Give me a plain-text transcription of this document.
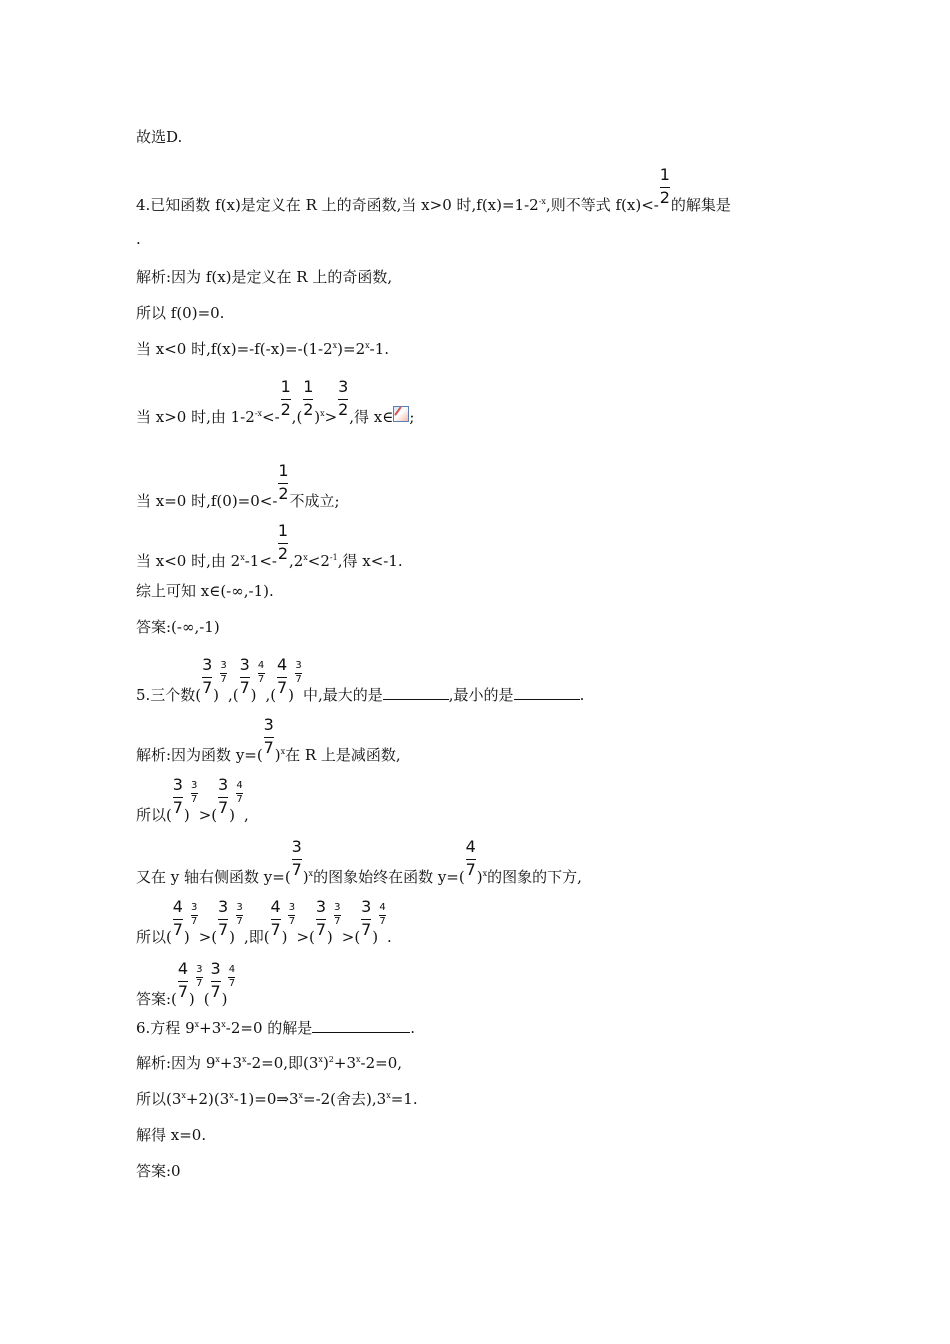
故选D.
4.已知函数 f(x)是定义在 R 上的奇函数,当 x>0 时$,f(x)=1-2^{-x}$,则不等式 $f(x)<- \frac{1}{2}$ 的解集是
.
解析:因为 f(x)是定义在 R 上的奇函数,
所以 f(0)=0.
当 x<0 时$,f(x)=-f(-x)=-(1-2^x)=2^x-1$.
当 x>0 时,由 $1-2^{-x}<- \frac{1}{2}$ ,( $\frac{1}{2} )^x> \frac{3}{2}$ ,得 x∈ ;
当 x=0 时$,f(0)=0<- \frac{1}{2}$ 不成立;
当 x<0 时,由 $2^x-1<- \frac{1}{2} ,2^x<2^{-1}$,得 x<-1.
综上可知 x∈(-∞,-1).
答案:(-∞,-1)
5.三个数( $\frac{3}{7}$ ) $\frac{3}{7}$ ,( $\frac{3}{7}$ ) $\frac{4}{7}$ ,( $\frac{4}{7}$ ) $\frac{3}{7}$ 中,最大的是	,最小的是	.
解析:因为函数 $y=( \frac{3}{7} )^x$在 R 上是减函数,
所以( $\frac{3}{7}$ ) $\frac{3}{7}$ >( $\frac{3}{7}$ ) $\frac{4}{7}$ ,
又在 y 轴右侧函数 $y=( \frac{3}{7} )^x$的图象始终在函数 $y=( \frac{4}{7} )^x$的图象的下方,
所以( $\frac{4}{7}$ ) $\frac{3}{7}$ >( $\frac{3}{7}$ ) $\frac{3}{7}$ ,即( $\frac{4}{7}$ ) $\frac{3}{7}$ >( $\frac{3}{7}$ ) $\frac{3}{7}$ >( $\frac{3}{7}$ ) $\frac{4}{7}$ .
答案:( $\frac{4}{7}$ ) $\frac{3}{7}$ ( $\frac{3}{7}$ ) $\frac{4}{7}$
6.方程 $9^x+3^x-2=0$ 的解是	.
解析:因为 $9^x+3^x-2=0$,即$(3^x)^2+3^x-2=0$,
所以$(3^x+2)(3^x-1)=0\Rightarrow 3^x=-2$(舍去)$,3^x=1$.
解得 x=0.
答案:0
